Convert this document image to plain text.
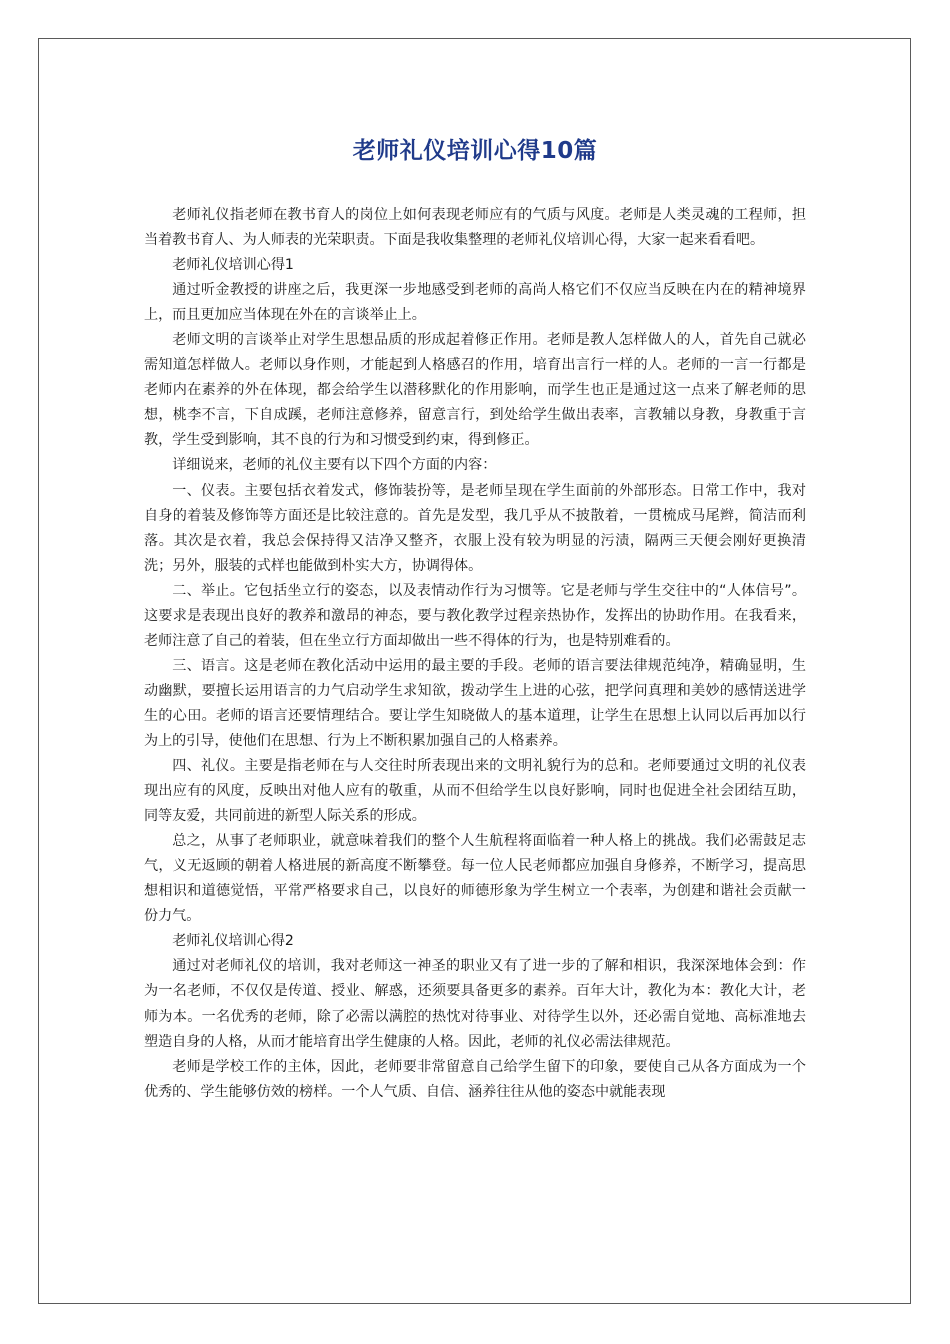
老师礼仪培训心得10篇

老师礼仪指老师在教书育人的岗位上如何表现老师应有的气质与风度。老师是人类灵魂的工程师，担当着教书育人、为人师表的光荣职责。下面是我收集整理的老师礼仪培训心得，大家一起来看看吧。

老师礼仪培训心得1

通过听金教授的讲座之后，我更深一步地感受到老师的高尚人格它们不仅应当反映在内在的精神境界上，而且更加应当体现在外在的言谈举止上。

老师文明的言谈举止对学生思想品质的形成起着修正作用。老师是教人怎样做人的人，首先自己就必需知道怎样做人。老师以身作则，才能起到人格感召的作用，培育出言行一样的人。老师的一言一行都是老师内在素养的外在体现，都会给学生以潜移默化的作用影响，而学生也正是通过这一点来了解老师的思想，桃李不言，下自成蹊，老师注意修养，留意言行，到处给学生做出表率，言教辅以身教，身教重于言教，学生受到影响，其不良的行为和习惯受到约束，得到修正。

详细说来，老师的礼仪主要有以下四个方面的内容：

一、仪表。主要包括衣着发式，修饰装扮等，是老师呈现在学生面前的外部形态。日常工作中，我对自身的着装及修饰等方面还是比较注意的。首先是发型，我几乎从不披散着，一贯梳成马尾辫，简洁而利落。其次是衣着，我总会保持得又洁净又整齐，衣服上没有较为明显的污渍，隔两三天便会刚好更换清洗；另外，服装的式样也能做到朴实大方，协调得体。

二、举止。它包括坐立行的姿态，以及表情动作行为习惯等。它是老师与学生交往中的“人体信号”。这要求是表现出良好的教养和激昂的神态，要与教化教学过程亲热协作，发挥出的协助作用。在我看来，老师注意了自己的着装，但在坐立行方面却做出一些不得体的行为，也是特别难看的。

三、语言。这是老师在教化活动中运用的最主要的手段。老师的语言要法律规范纯净，精确显明，生动幽默，要擅长运用语言的力气启动学生求知欲，拨动学生上进的心弦，把学问真理和美妙的感情送进学生的心田。老师的语言还要情理结合。要让学生知晓做人的基本道理，让学生在思想上认同以后再加以行为上的引导，使他们在思想、行为上不断积累加强自己的人格素养。

四、礼仪。主要是指老师在与人交往时所表现出来的文明礼貌行为的总和。老师要通过文明的礼仪表现出应有的风度，反映出对他人应有的敬重，从而不但给学生以良好影响，同时也促进全社会团结互助，同等友爱，共同前进的新型人际关系的形成。

总之，从事了老师职业，就意味着我们的整个人生航程将面临着一种人格上的挑战。我们必需鼓足志气，义无返顾的朝着人格进展的新高度不断攀登。每一位人民老师都应加强自身修养，不断学习，提高思想相识和道德觉悟，平常严格要求自己，以良好的师德形象为学生树立一个表率，为创建和谐社会贡献一份力气。

老师礼仪培训心得2

通过对老师礼仪的培训，我对老师这一神圣的职业又有了进一步的了解和相识，我深深地体会到：作为一名老师，不仅仅是传道、授业、解惑，还须要具备更多的素养。百年大计，教化为本：教化大计，老师为本。一名优秀的老师，除了必需以满腔的热忱对待事业、对待学生以外，还必需自觉地、高标准地去塑造自身的人格，从而才能培育出学生健康的人格。因此，老师的礼仪必需法律规范。

老师是学校工作的主体，因此，老师要非常留意自己给学生留下的印象，要使自己从各方面成为一个优秀的、学生能够仿效的榜样。一个人气质、自信、涵养往往从他的姿态中就能表现
